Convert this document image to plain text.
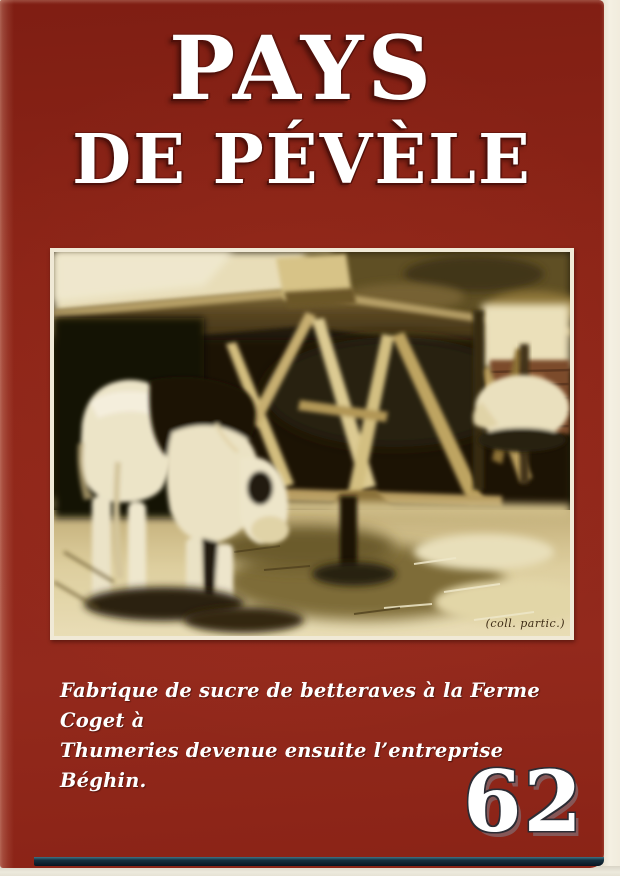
PAYS
DE PÉVÈLE
(coll. partic.)
Fabrique de sucre de betteraves à la Ferme Coget à
Thumeries devenue ensuite l’entreprise Béghin.	62
